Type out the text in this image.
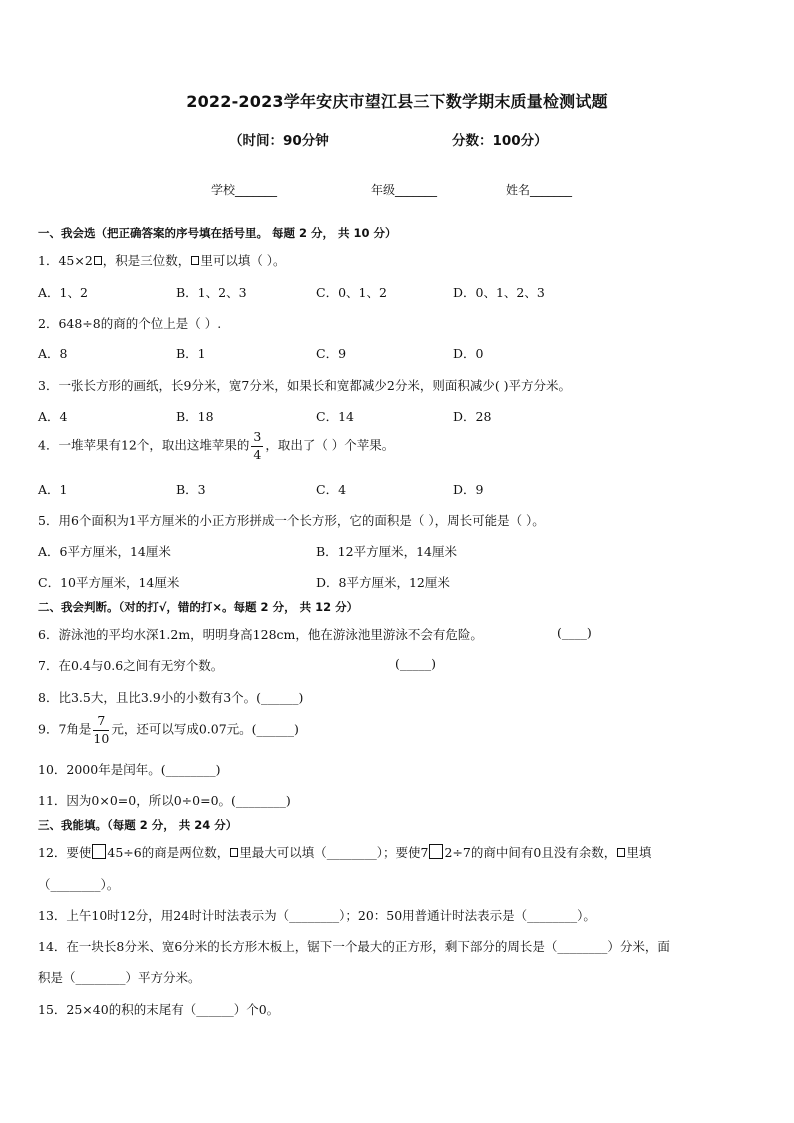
2022-2023学年安庆市望江县三下数学期末质量检测试题
（时间：90分钟	分数：100分）
学校_______	年级_______	姓名_______
一、我会选（把正确答案的序号填在括号里。 每题 2 分， 共 10 分）
1．45×2 ，积是三位数， 里可以填（ ）。
A．1、2	B．1、2、3	C．0、1、2	D．0、1、2、3
2．648÷8的商的个位上是（ ）.
A．8	B．1	C．9	D．0
3．一张长方形的画纸，长9分米，宽7分米，如果长和宽都减少2分米，则面积减少( )平方分米。
A．4	B．18	C．14	D．28
4．一堆苹果有12个，取出这堆苹果的 $\frac{3}{4}$ ，取出了（ ）个苹果。
A．1	B．3	C．4	D．9
5．用6个面积为1平方厘米的小正方形拼成一个长方形，它的面积是（ ），周长可能是（ ）。
A．6平方厘米，14厘米	B．12平方厘米，14厘米
C．10平方厘米，14厘米	D．8平方厘米，12厘米
二、我会判断。（对的打√，错的打×。每题 2 分， 共 12 分）
6．游泳池的平均水深1.2m，明明身高128cm，他在游泳池里游泳不会有危险。	(____)
7．在0.4与0.6之间有无穷个数。	(_____)
8．比3.5大，且比3.9小的小数有3个。(______)
9．7角是 $\frac{7}{10}$ 元，还可以写成0.07元。(______)
10．2000年是闰年。(________)
11．因为0×0=0，所以0÷0=0。(________)
三、我能填。（每题 2 分， 共 24 分）
12．要使 45÷6的商是两位数， 里最大可以填（________）；要使7 2÷7的商中间有0且没有余数， 里填
（________）。
13．上午10时12分，用24时计时法表示为（________）；20：50用普通计时法表示是（________）。
14．在一块长8分米、宽6分米的长方形木板上，锯下一个最大的正方形，剩下部分的周长是（________）分米，面
积是（________）平方分米。
15．25×40的积的末尾有（______）个0。
